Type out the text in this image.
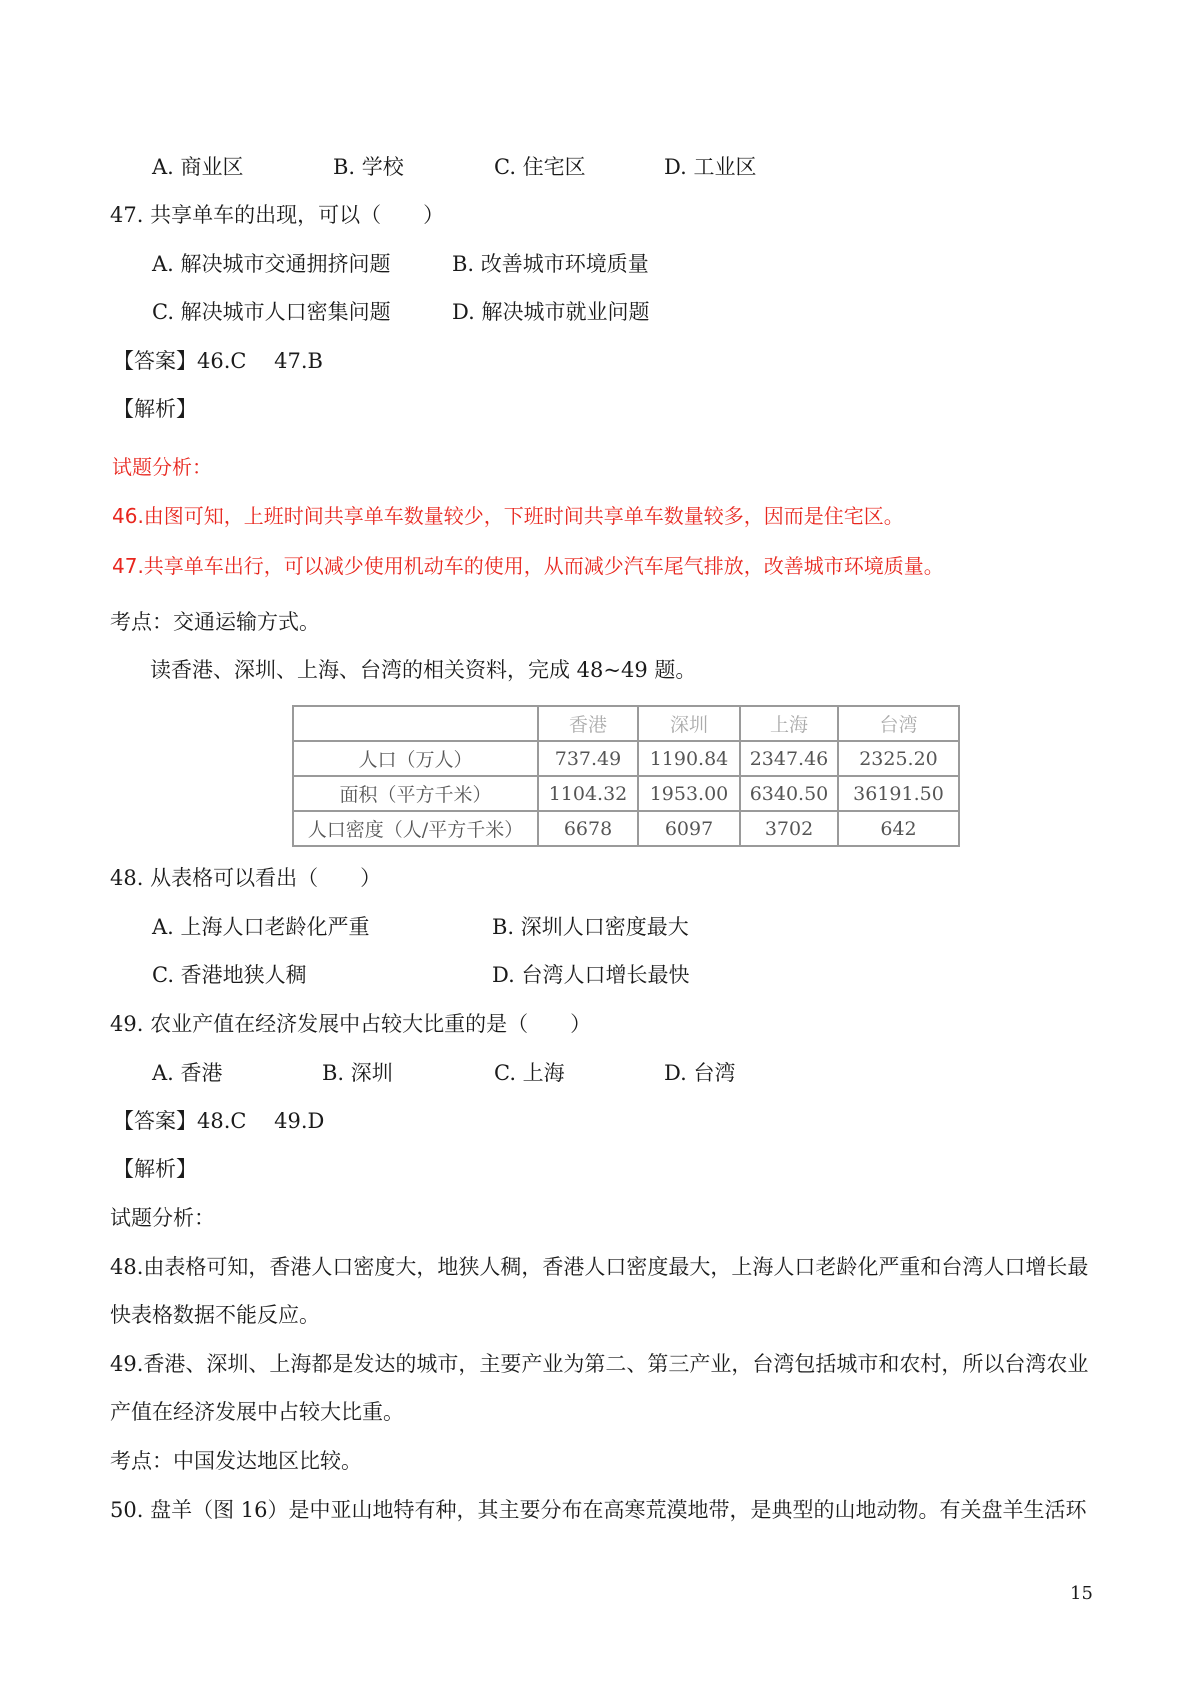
A. 商业区	B. 学校	C. 住宅区	D. 工业区
47. 共享单车的出现，可以（　　）
A. 解决城市交通拥挤问题	B. 改善城市环境质量
C. 解决城市人口密集问题	D. 解决城市就业问题
【答案】46.C　 47.B
【解析】
试题分析：
46.由图可知，上班时间共享单车数量较少，下班时间共享单车数量较多，因而是住宅区。
47.共享单车出行，可以减少使用机动车的使用，从而减少汽车尾气排放，改善城市环境质量。
考点：交通运输方式。
读香港、深圳、上海、台湾的相关资料，完成 48~49 题。
	香港	深圳	上海	台湾
人口（万人）	737.49	1190.84	2347.46	2325.20
面积（平方千米）	1104.32	1953.00	6340.50	36191.50
人口密度（人/平方千米）	6678	6097	3702	642
48. 从表格可以看出（　　）
A. 上海人口老龄化严重	B. 深圳人口密度最大
C. 香港地狭人稠	D. 台湾人口增长最快
49. 农业产值在经济发展中占较大比重的是（　　）
A. 香港	B. 深圳	C. 上海	D. 台湾
【答案】48.C　 49.D
【解析】
试题分析：
48.由表格可知，香港人口密度大，地狭人稠，香港人口密度最大，上海人口老龄化严重和台湾人口增长最
快表格数据不能反应。
49.香港、深圳、上海都是发达的城市，主要产业为第二、第三产业，台湾包括城市和农村，所以台湾农业
产值在经济发展中占较大比重。
考点：中国发达地区比较。
50. 盘羊（图 16）是中亚山地特有种，其主要分布在高寒荒漠地带，是典型的山地动物。有关盘羊生活环
15
